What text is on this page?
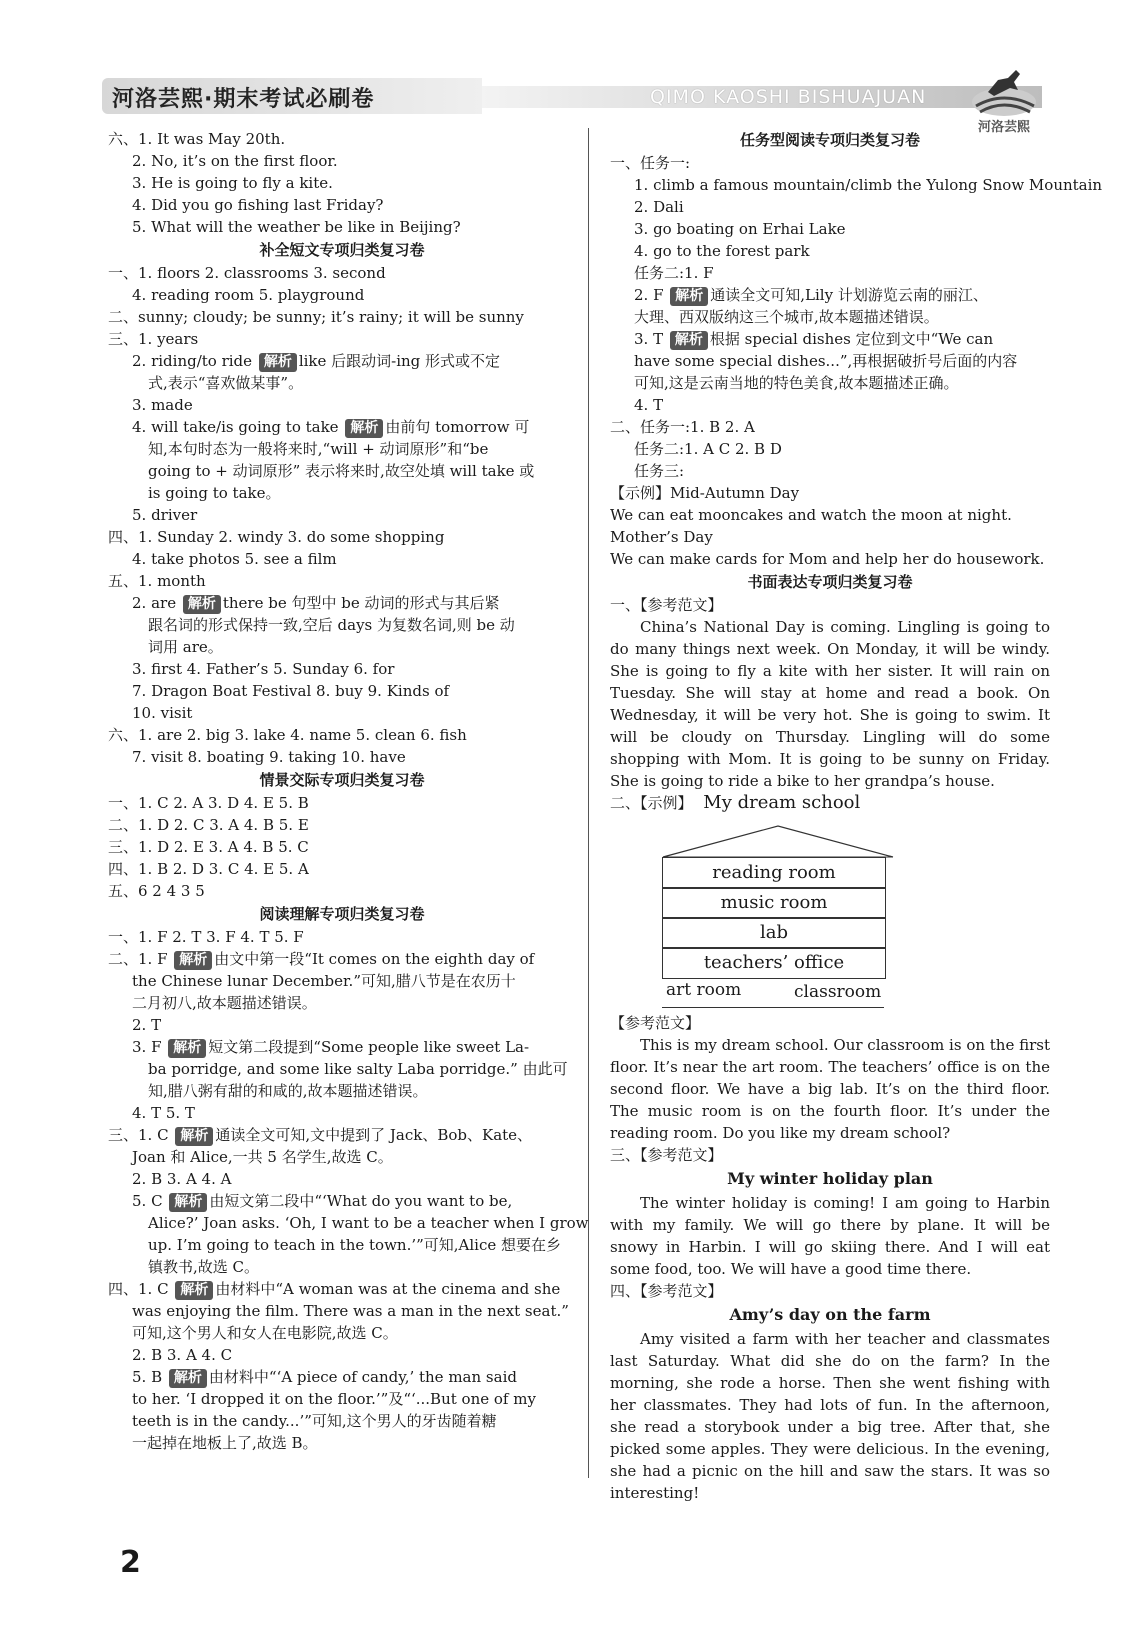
河洛芸熙·期末考试必刷卷	QIMO KAOSHI BISHUAJUAN
河洛芸熙
六、1. It was May 20th.
2. No, it’s on the first floor.
3. He is going to fly a kite.
4. Did you go fishing last Friday?
5. What will the weather be like in Beijing?
补全短文专项归类复习卷
一、1. floors 2. classrooms 3. second
4. reading room 5. playground
二、sunny; cloudy; be sunny; it’s rainy; it will be sunny
三、1. years
2. riding/to ride 解析 like 后跟动词-ing 形式或不定
式,表示“喜欢做某事”。
3. made
4. will take/is going to take 解析 由前句 tomorrow 可
知,本句时态为一般将来时,“will + 动词原形”和“be
going to + 动词原形” 表示将来时,故空处填 will take 或
is going to take。
5. driver
四、1. Sunday 2. windy 3. do some shopping
4. take photos 5. see a film
五、1. month
2. are 解析 there be 句型中 be 动词的形式与其后紧
跟名词的形式保持一致,空后 days 为复数名词,则 be 动
词用 are。
3. first 4. Father’s 5. Sunday 6. for
7. Dragon Boat Festival 8. buy 9. Kinds of
10. visit
六、1. are 2. big 3. lake 4. name 5. clean 6. fish
7. visit 8. boating 9. taking 10. have
情景交际专项归类复习卷
一、1. C 2. A 3. D 4. E 5. B
二、1. D 2. C 3. A 4. B 5. E
三、1. D 2. E 3. A 4. B 5. C
四、1. B 2. D 3. C 4. E 5. A
五、6 2 4 3 5
阅读理解专项归类复习卷
一、1. F 2. T 3. F 4. T 5. F
二、1. F 解析 由文中第一段“It comes on the eighth day of
the Chinese lunar December.”可知,腊八节是在农历十
二月初八,故本题描述错误。
2. T
3. F 解析 短文第二段提到“Some people like sweet La-
ba porridge, and some like salty Laba porridge.” 由此可
知,腊八粥有甜的和咸的,故本题描述错误。
4. T 5. T
三、1. C 解析 通读全文可知,文中提到了 Jack、Bob、Kate、
Joan 和 Alice,一共 5 名学生,故选 C。
2. B 3. A 4. A
5. C 解析 由短文第二段中“‘What do you want to be,
Alice?’ Joan asks. ‘Oh, I want to be a teacher when I grow
up. I’m going to teach in the town.’”可知,Alice 想要在乡
镇教书,故选 C。
四、1. C 解析 由材料中“A woman was at the cinema and she
was enjoying the film. There was a man in the next seat.”
可知,这个男人和女人在电影院,故选 C。
2. B 3. A 4. C
5. B 解析 由材料中“‘A piece of candy,’ the man said
to her. ‘I dropped it on the floor.’”及“‘...But one of my
teeth is in the candy...’”可知,这个男人的牙齿随着糖
一起掉在地板上了,故选 B。
任务型阅读专项归类复习卷
一、任务一:
1. climb a famous mountain/climb the Yulong Snow Mountain
2. Dali
3. go boating on Erhai Lake
4. go to the forest park
任务二:1. F
2. F 解析 通读全文可知,Lily 计划游览云南的丽江、
大理、西双版纳这三个城市,故本题描述错误。
3. T 解析 根据 special dishes 定位到文中“We can
have some special dishes...”,再根据破折号后面的内容
可知,这是云南当地的特色美食,故本题描述正确。
4. T
二、任务一:1. B 2. A
任务二:1. A C 2. B D
任务三:
【示例】Mid-Autumn Day
We can eat mooncakes and watch the moon at night.
Mother’s Day
We can make cards for Mom and help her do housework.
书面表达专项归类复习卷
一、【参考范文】
China’s National Day is coming. Lingling is going to do many things next week. On Monday, it will be windy. She is going to fly a kite with her sister. It will rain on Tuesday. She will stay at home and read a book. On Wednesday, it will be very hot. She is going to swim. It will be cloudy on Thursday. Lingling will do some shopping with Mom. It is going to be sunny on Friday. She is going to ride a bike to her grandpa’s house.
二、【示例】 My dream school
reading room
music room
lab
teachers’ office
art room	classroom
【参考范文】
This is my dream school. Our classroom is on the first floor. It’s near the art room. The teachers’ office is on the second floor. We have a big lab. It’s on the third floor. The music room is on the fourth floor. It’s under the reading room. Do you like my dream school?
三、【参考范文】
My winter holiday plan
The winter holiday is coming! I am going to Harbin with my family. We will go there by plane. It will be snowy in Harbin. I will go skiing there. And I will eat some food, too. We will have a good time there.
四、【参考范文】
Amy’s day on the farm
Amy visited a farm with her teacher and classmates last Saturday. What did she do on the farm? In the morning, she rode a horse. Then she went fishing with her classmates. They had lots of fun. In the afternoon, she read a storybook under a big tree. After that, she picked some apples. They were delicious. In the evening, she had a picnic on the hill and saw the stars. It was so interesting!
2
